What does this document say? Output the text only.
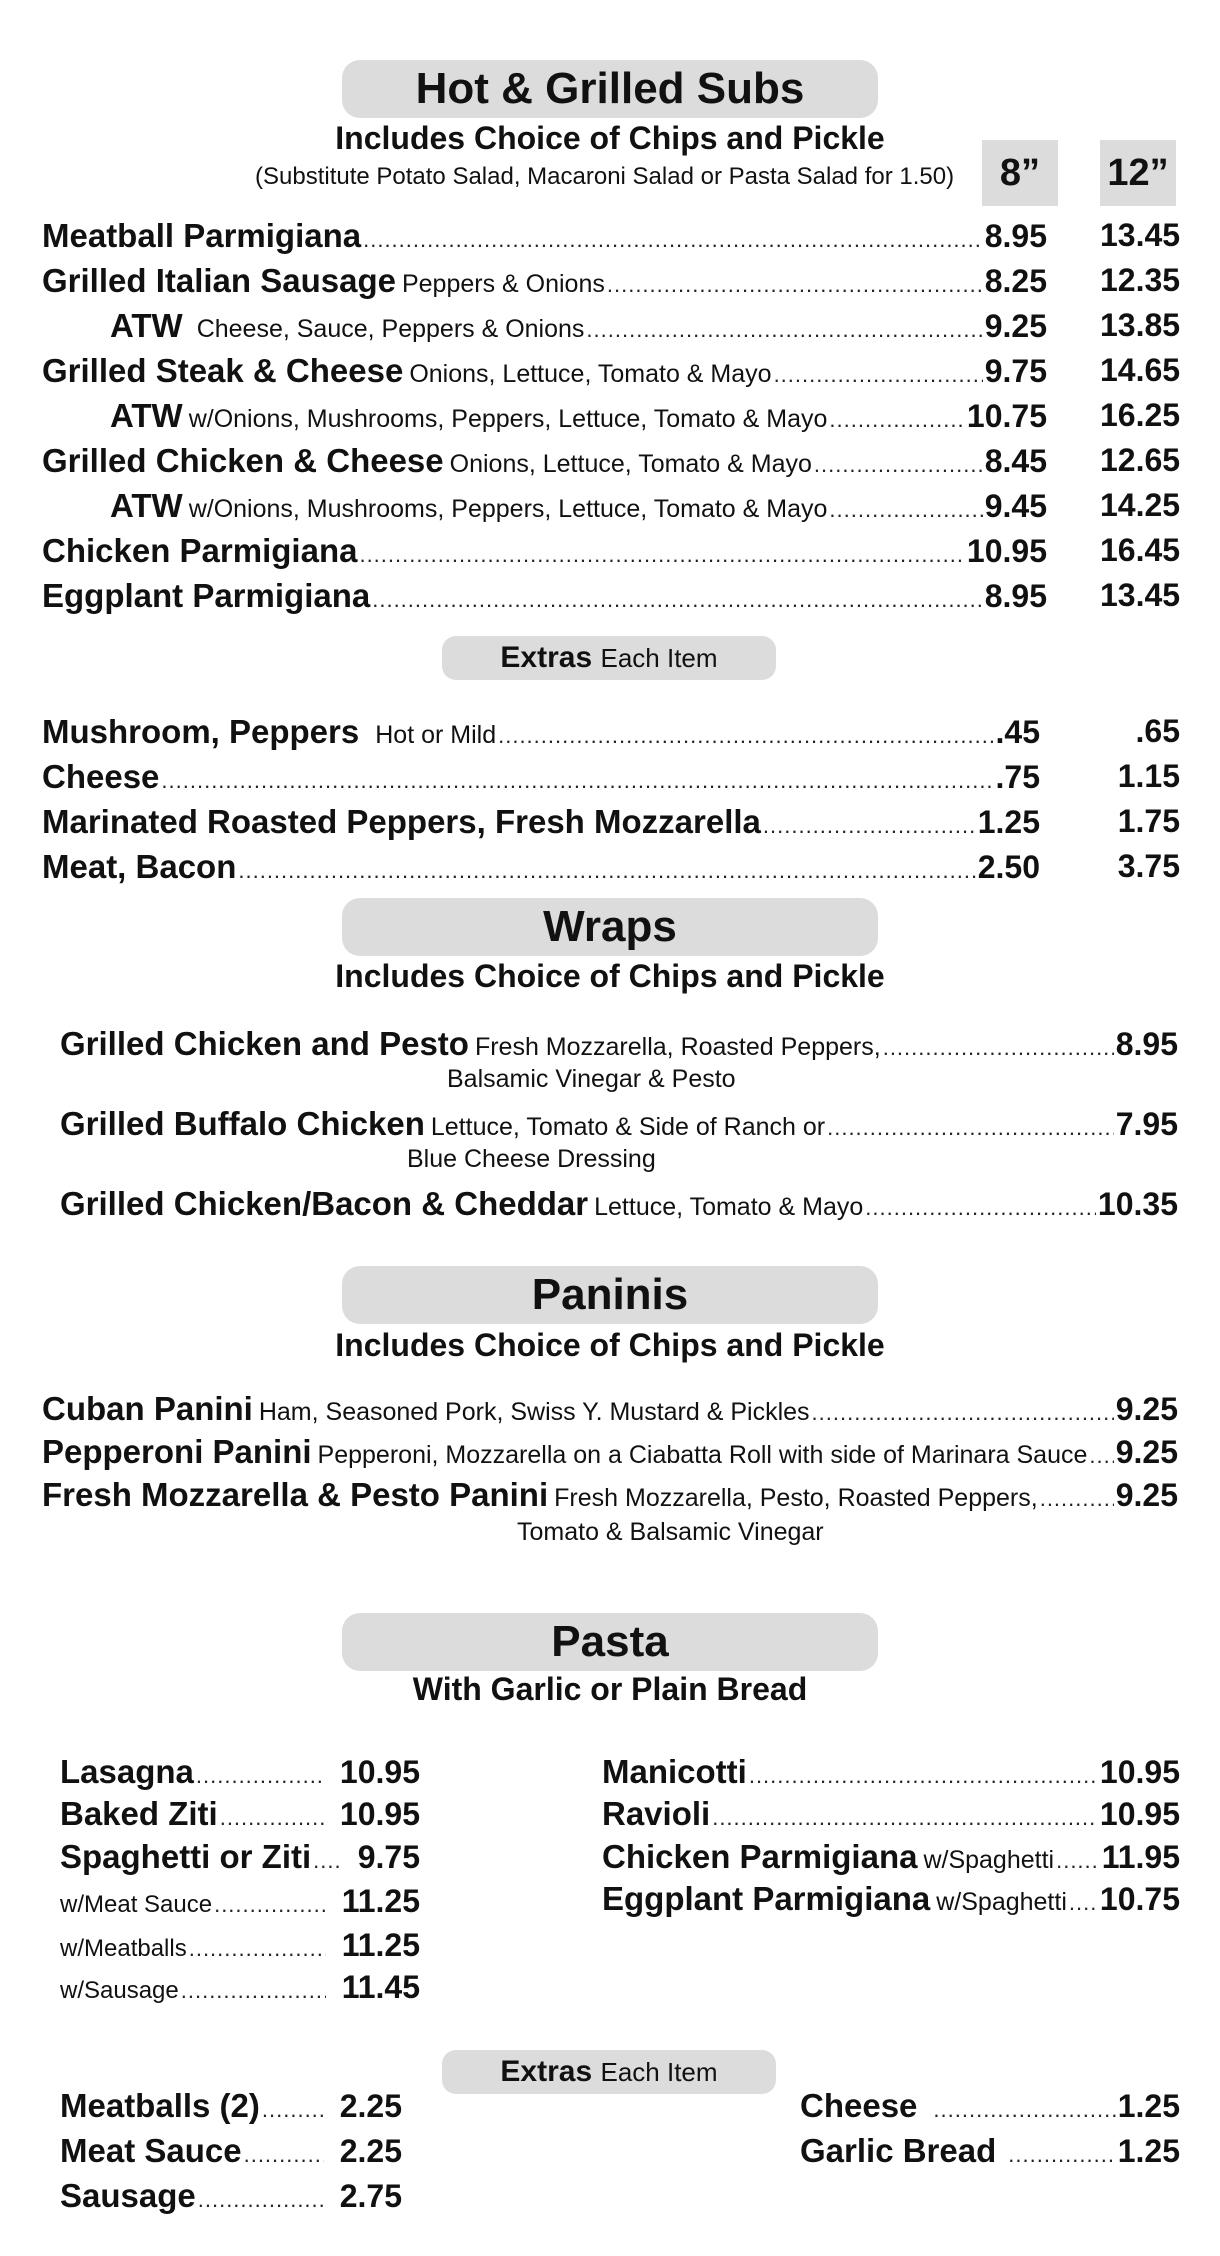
Hot & Grilled Subs
Includes Choice of Chips and Pickle
(Substitute Potato Salad, Macaroni Salad or Pasta Salad for 1.50)	8”	12”
Meatball Parmigiana .....	8.95 13.45
Grilled Italian Sausage Peppers & Onions .....	8.25 12.35
ATW Cheese, Sauce, Peppers & Onions .....	9.25 13.85
Grilled Steak & Cheese Onions, Lettuce, Tomato & Mayo .....	9.75 14.65
ATW w/Onions, Mushrooms, Peppers, Lettuce, Tomato & Mayo .....	10.75 16.25
Grilled Chicken & Cheese Onions, Lettuce, Tomato & Mayo .....	8.45 12.65
ATW w/Onions, Mushrooms, Peppers, Lettuce, Tomato & Mayo .....	9.45 14.25
Chicken Parmigiana .....	10.95 16.45
Eggplant Parmigiana .....	8.95 13.45
Extras Each Item
Mushroom, Peppers Hot or Mild .....	.45	.65
Cheese .....	.75	1.15
Marinated Roasted Peppers, Fresh Mozzarella .....	1.25	1.75
Meat, Bacon .....	2.50	3.75
Wraps
Includes Choice of Chips and Pickle
Grilled Chicken and Pesto Fresh Mozzarella, Roasted Peppers, .....	8.95
Balsamic Vinegar & Pesto
Grilled Buffalo Chicken Lettuce, Tomato & Side of Ranch or .....	7.95
Blue Cheese Dressing
Grilled Chicken/Bacon & Cheddar Lettuce, Tomato & Mayo .....	10.35
Paninis
Includes Choice of Chips and Pickle
Cuban Panini Ham, Seasoned Pork, Swiss Y. Mustard & Pickles .....	9.25
Pepperoni Panini Pepperoni, Mozzarella on a Ciabatta Roll with side of Marinara Sauce ..... 9.25
Fresh Mozzarella & Pesto Panini Fresh Mozzarella, Pesto, Roasted Peppers, ..... 9.25
Tomato & Balsamic Vinegar
Pasta
With Garlic or Plain Bread
Lasagna .....	10.95
Baked Ziti .....	10.95
Spaghetti or Ziti ..... 9.75
w/Meat Sauce .....	11.25
w/Meatballs .....	11.25
w/Sausage .....	11.45
Manicotti .....	10.95
Ravioli .....	10.95
Chicken Parmigiana w/Spaghetti ..... 11.95
Eggplant Parmigiana w/Spaghetti ..... 10.75
Extras Each Item
Meatballs (2) ..... 2.25
Meat Sauce .....	2.25
Sausage .....	2.75
Cheese .....	1.25
Garlic Bread .....	1.25
